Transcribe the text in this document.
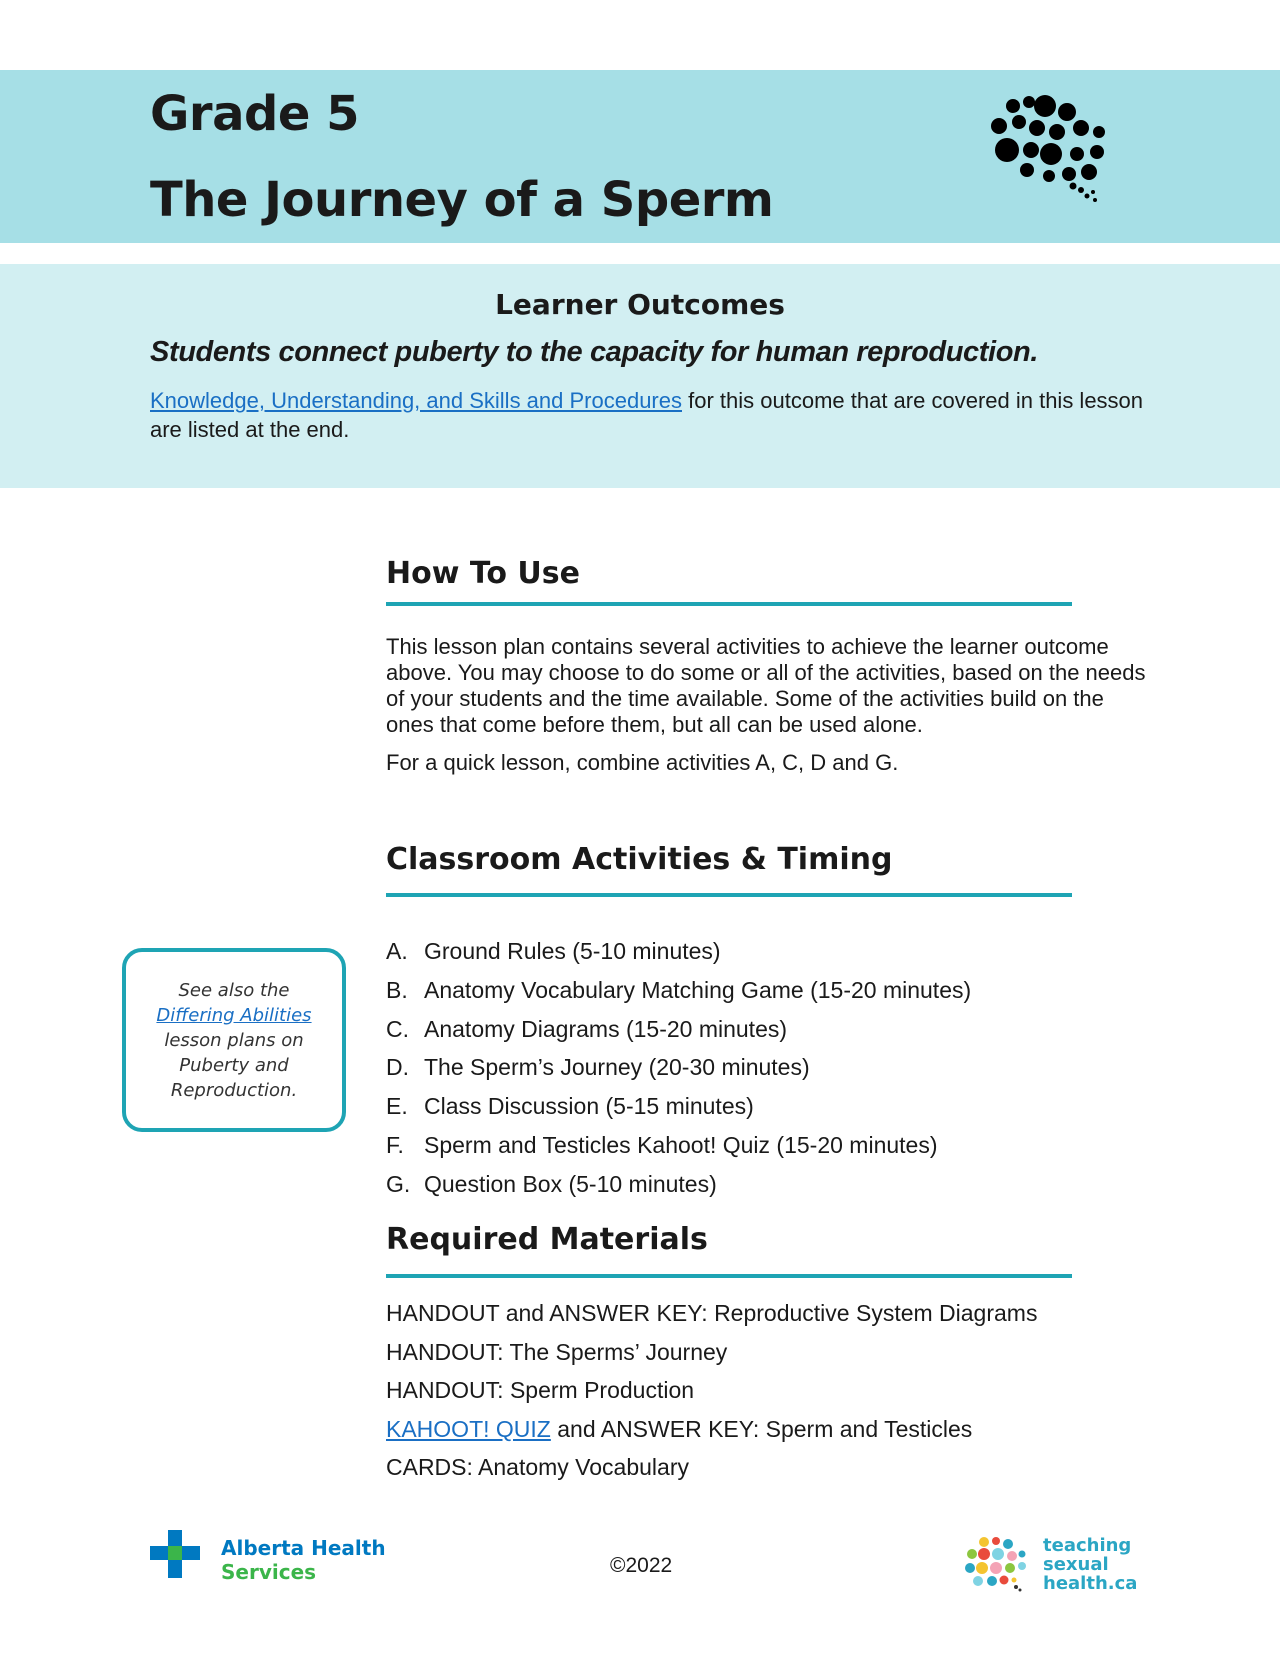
Grade 5
The Journey of a Sperm
Learner Outcomes

Students connect puberty to the capacity for human reproduction.

Knowledge, Understanding, and Skills and Procedures for this outcome that are covered in this lesson are listed at the end.

How To Use

This lesson plan contains several activities to achieve the learner outcome above. You may choose to do some or all of the activities, based on the needs of your students and the time available. Some of the activities build on the ones that come before them, but all can be used alone.

For a quick lesson, combine activities A, C, D and G.

Classroom Activities & Timing
A. Ground Rules (5-10 minutes)
B. Anatomy Vocabulary Matching Game (15-20 minutes)
C. Anatomy Diagrams (15-20 minutes)
D. The Sperm’s Journey (20-30 minutes)
E. Class Discussion (5-15 minutes)
F. Sperm and Testicles Kahoot! Quiz (15-20 minutes)
G. Question Box (5-10 minutes)

See also the
Differing Abilities
lesson plans on Puberty and Reproduction.

Required Materials
HANDOUT and ANSWER KEY: Reproductive System Diagrams
HANDOUT: The Sperms’ Journey
HANDOUT: Sperm Production
KAHOOT! QUIZ and ANSWER KEY: Sperm and Testicles
CARDS: Anatomy Vocabulary
Alberta Health
Services	©2022

teaching
sexual
health.ca
